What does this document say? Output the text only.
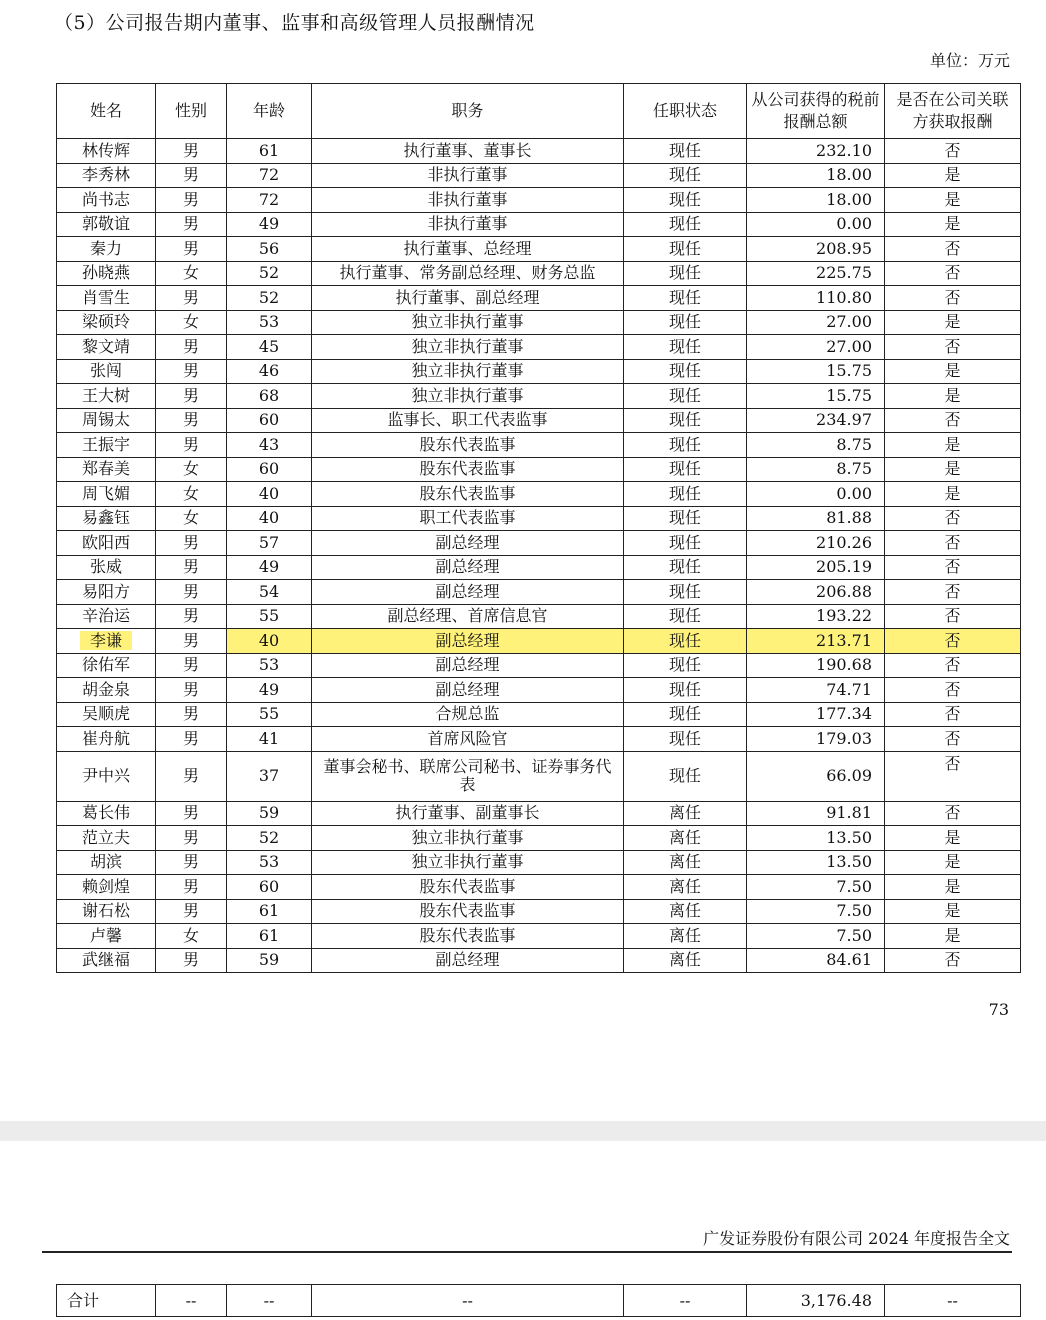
（5）公司报告期内董事、监事和高级管理人员报酬情况
单位：万元
姓名	性别	年龄	职务	任职状态	从公司获得的税前报酬总额	是否在公司关联方获取报酬
林传辉	男	61	执行董事、董事长	现任	232.10	否
李秀林	男	72	非执行董事	现任	18.00	是
尚书志	男	72	非执行董事	现任	18.00	是
郭敬谊	男	49	非执行董事	现任	0.00	是
秦力	男	56	执行董事、总经理	现任	208.95	否
孙晓燕	女	52	执行董事、常务副总经理、财务总监	现任	225.75	否
肖雪生	男	52	执行董事、副总经理	现任	110.80	否
梁硕玲	女	53	独立非执行董事	现任	27.00	是
黎文靖	男	45	独立非执行董事	现任	27.00	否
张闯	男	46	独立非执行董事	现任	15.75	是
王大树	男	68	独立非执行董事	现任	15.75	是
周锡太	男	60	监事长、职工代表监事	现任	234.97	否
王振宇	男	43	股东代表监事	现任	8.75	是
郑春美	女	60	股东代表监事	现任	8.75	是
周飞媚	女	40	股东代表监事	现任	0.00	是
易鑫钰	女	40	职工代表监事	现任	81.88	否
欧阳西	男	57	副总经理	现任	210.26	否
张威	男	49	副总经理	现任	205.19	否
易阳方	男	54	副总经理	现任	206.88	否
辛治运	男	55	副总经理、首席信息官	现任	193.22	否
李谦	男	40	副总经理	现任	213.71	否
徐佑军	男	53	副总经理	现任	190.68	否
胡金泉	男	49	副总经理	现任	74.71	否
吴顺虎	男	55	合规总监	现任	177.34	否
崔舟航	男	41	首席风险官	现任	179.03	否
尹中兴	男	37	董事会秘书、联席公司秘书、证券事务代表	现任	66.09	否
葛长伟	男	59	执行董事、副董事长	离任	91.81	否
范立夫	男	52	独立非执行董事	离任	13.50	是
胡滨	男	53	独立非执行董事	离任	13.50	是
赖剑煌	男	60	股东代表监事	离任	7.50	是
谢石松	男	61	股东代表监事	离任	7.50	是
卢馨	女	61	股东代表监事	离任	7.50	是
武继福	男	59	副总经理	离任	84.61	否
73
广发证券股份有限公司 2024 年度报告全文
合计	--	--	--	--	3,176.48	--
